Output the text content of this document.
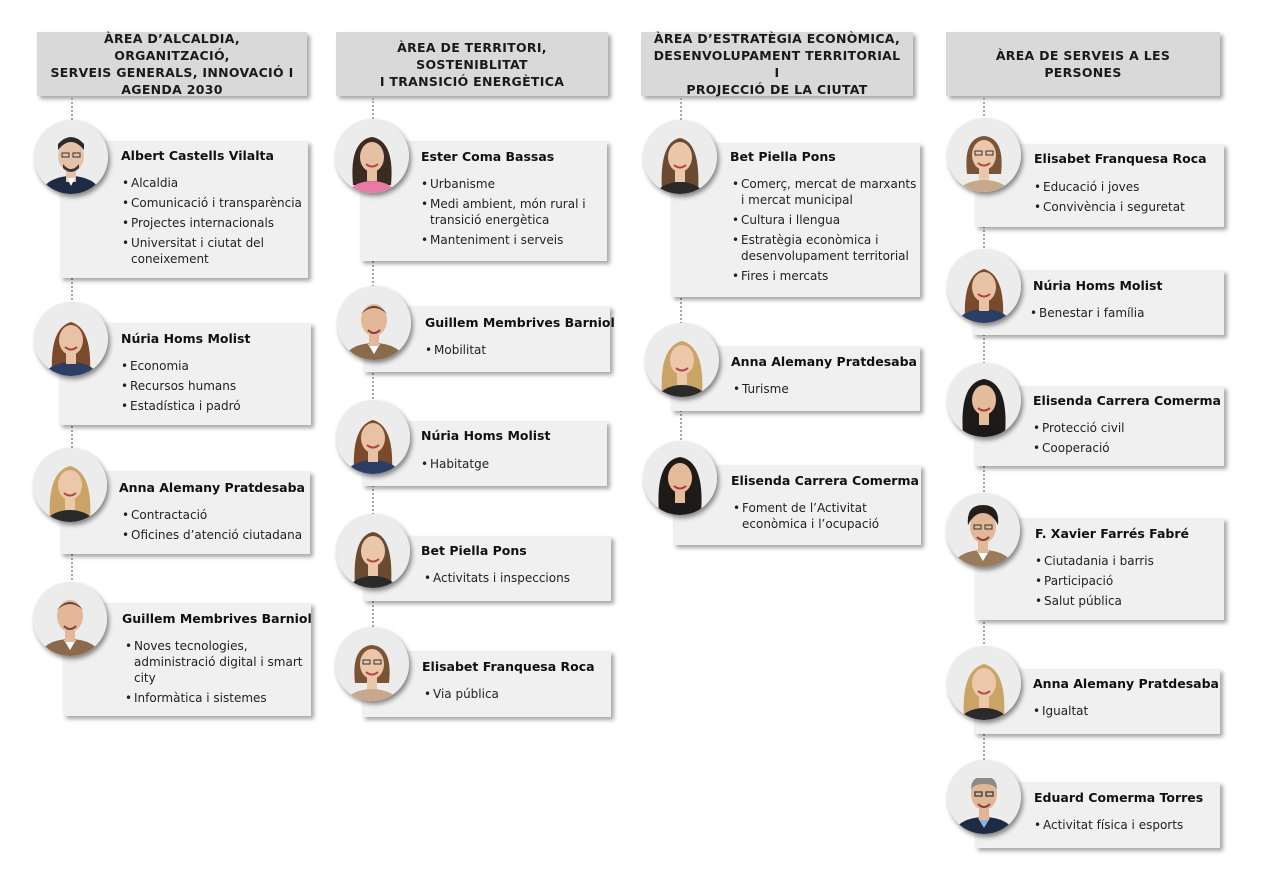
ÀREA D’ALCALDIA, ORGANITZACIÓ,
SERVEIS GENERALS, INNOVACIÓ I
AGENDA 2030
ÀREA DE TERRITORI, SOSTENIBLITAT
I TRANSICIÓ ENERGÈTICA
ÀREA D’ESTRATÈGIA ECONÒMICA,
DESENVOLUPAMENT TERRITORIAL I
PROJECCIÓ DE LA CIUTAT
ÀREA DE SERVEIS A LES PERSONES
Albert Castells Vilalta
• Alcaldia
• Comunicació i transparència
• Projectes internacionals
• Universitat i ciutat del coneixement
Núria Homs Molist
• Economia
• Recursos humans
• Estadística i padró
Anna Alemany Pratdesaba
• Contractació
• Oficines d’atenció ciutadana
Guillem Membrives Barniol
• Noves tecnologies, administració digital i smart city
• Informàtica i sistemes
Ester Coma Bassas
• Urbanisme
• Medi ambient, món rural i transició energètica
• Manteniment i serveis
Guillem Membrives Barniol
• Mobilitat
Núria Homs Molist
• Habitatge
Bet Piella Pons
• Activitats i inspeccions
Elisabet Franquesa Roca
• Via pública
Bet Piella Pons
• Comerç, mercat de marxants i mercat municipal
• Cultura i llengua
• Estratègia econòmica i desenvolupament territorial
• Fires i mercats
Anna Alemany Pratdesaba
• Turisme
Elisenda Carrera Comerma
• Foment de l’Activitat econòmica i l’ocupació
Elisabet Franquesa Roca
• Educació i joves
• Convivència i seguretat
Núria Homs Molist
• Benestar i família
Elisenda Carrera Comerma
• Protecció civil
• Cooperació
F. Xavier Farrés Fabré
• Ciutadania i barris
• Participació
• Salut pública
Anna Alemany Pratdesaba
• Igualtat
Eduard Comerma Torres
• Activitat física i esports
